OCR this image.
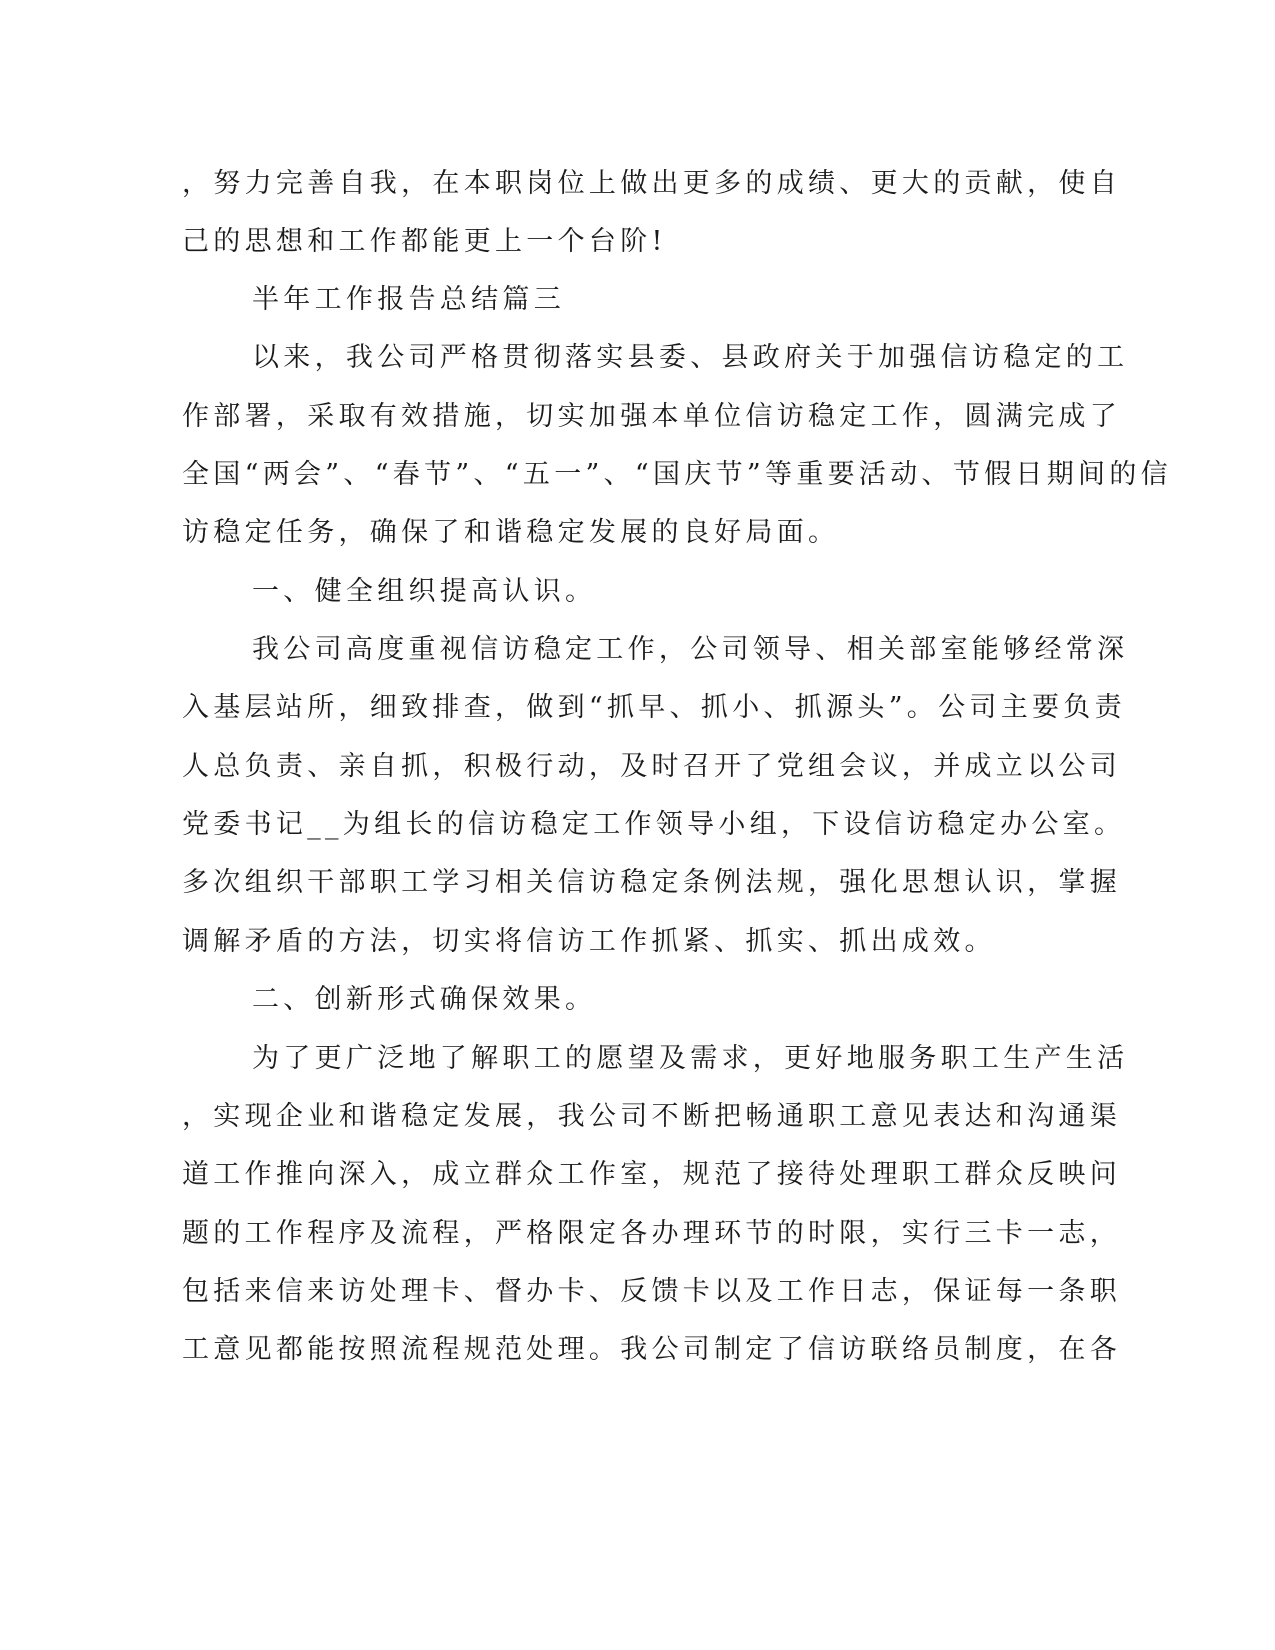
，努力完善自我，在本职岗位上做出更多的成绩、更大的贡献，使自
己的思想和工作都能更上一个台阶!
半年工作报告总结篇三
以来，我公司严格贯彻落实县委、县政府关于加强信访稳定的工
作部署，采取有效措施，切实加强本单位信访稳定工作，圆满完成了
全国“两会”、“春节”、“五一”、“国庆节”等重要活动、节假日期间的信
访稳定任务，确保了和谐稳定发展的良好局面。
一、健全组织提高认识。
我公司高度重视信访稳定工作，公司领导、相关部室能够经常深
入基层站所，细致排查，做到“抓早、抓小、抓源头”。公司主要负责
人总负责、亲自抓，积极行动，及时召开了党组会议，并成立以公司
党委书记__为组长的信访稳定工作领导小组，下设信访稳定办公室。
多次组织干部职工学习相关信访稳定条例法规，强化思想认识，掌握
调解矛盾的方法，切实将信访工作抓紧、抓实、抓出成效。
二、创新形式确保效果。
为了更广泛地了解职工的愿望及需求，更好地服务职工生产生活
，实现企业和谐稳定发展，我公司不断把畅通职工意见表达和沟通渠
道工作推向深入，成立群众工作室，规范了接待处理职工群众反映问
题的工作程序及流程，严格限定各办理环节的时限，实行三卡一志，
包括来信来访处理卡、督办卡、反馈卡以及工作日志，保证每一条职
工意见都能按照流程规范处理。我公司制定了信访联络员制度，在各
